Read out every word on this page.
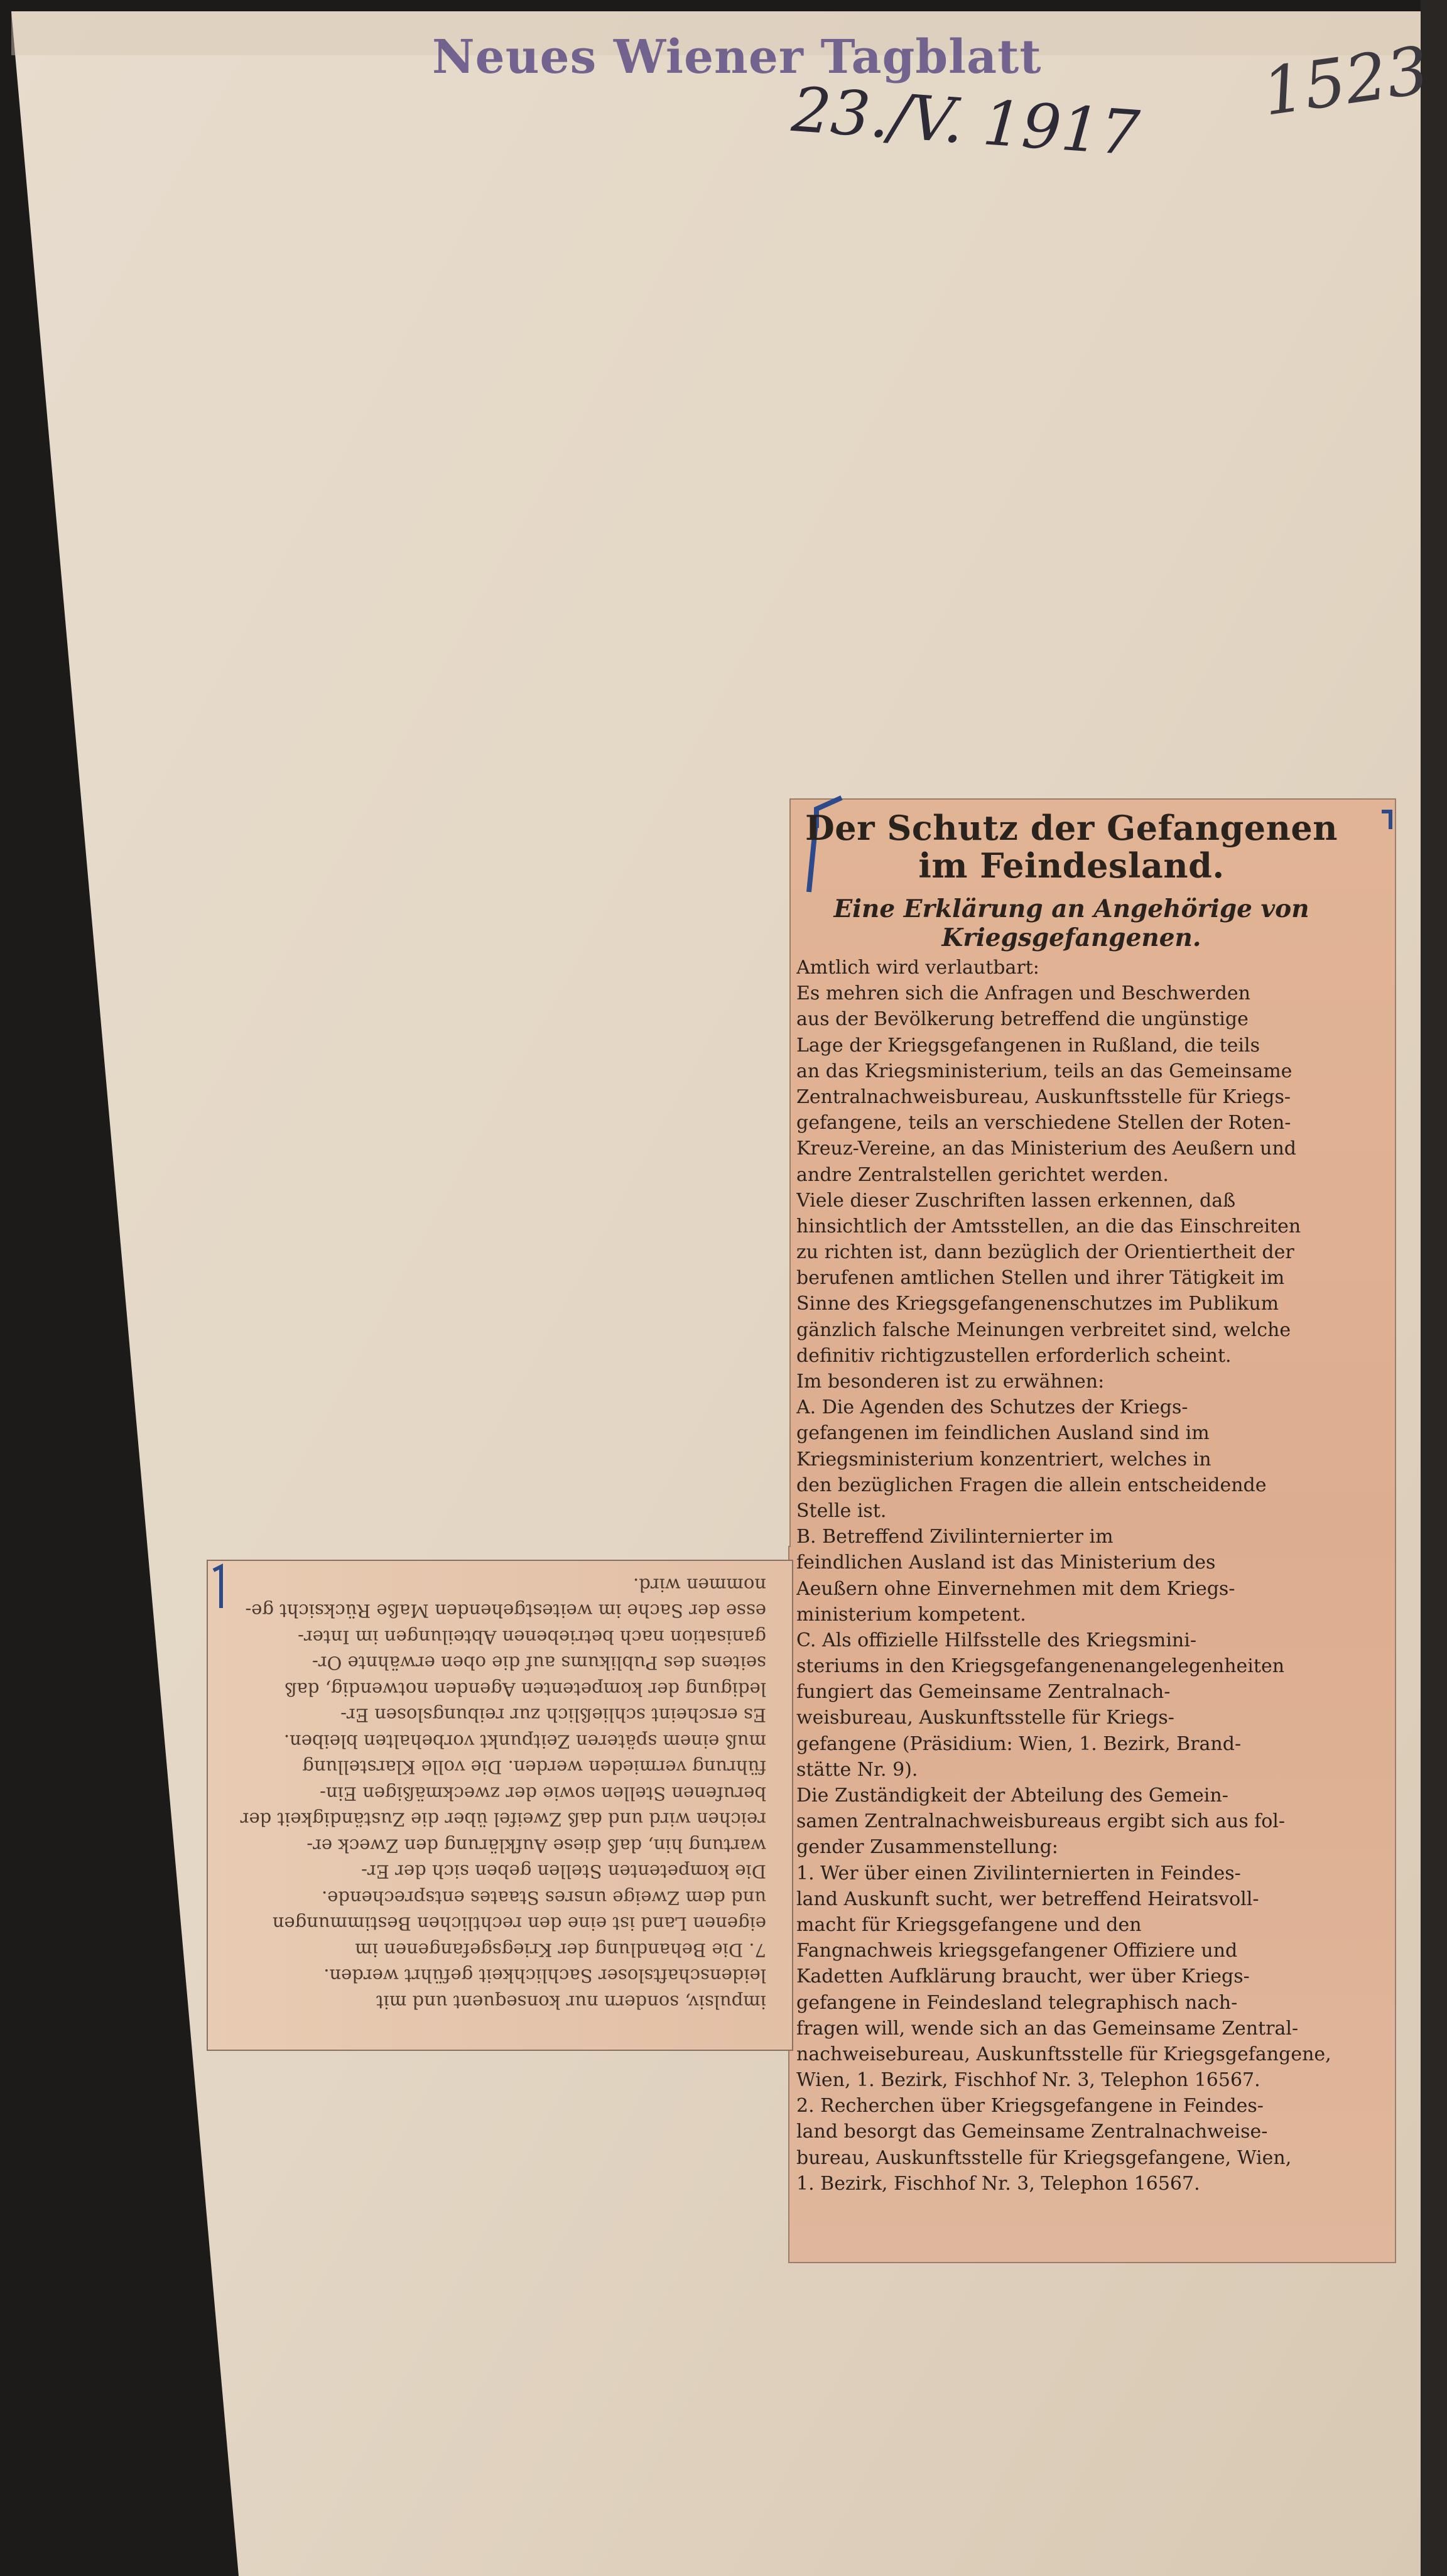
Neues Wiener Tagblatt
23./V. 1917 1523
Der Schutz der Gefangenen im Feindesland.
Eine Erklärung an Angehörige von Kriegsgefangenen.
Amtlich wird verlautbart:
Es mehren sich die Anfragen und Beschwerden
aus der Bevölkerung betreffend die ungünstige
Lage der Kriegsgefangenen in Rußland, die teils
an das Kriegsministerium, teils an das Gemeinsame
Zentralnachweisbureau, Auskunftsstelle für Kriegs-
gefangene, teils an verschiedene Stellen der Roten-
Kreuz-Vereine, an das Ministerium des Aeußern und
andre Zentralstellen gerichtet werden.
Viele dieser Zuschriften lassen erkennen, daß
hinsichtlich der Amtsstellen, an die das Einschreiten
zu richten ist, dann bezüglich der Orientiertheit der
berufenen amtlichen Stellen und ihrer Tätigkeit im
Sinne des Kriegsgefangenenschutzes im Publikum
gänzlich falsche Meinungen verbreitet sind, welche
definitiv richtigzustellen erforderlich scheint.
Im besonderen ist zu erwähnen:
A. Die Agenden des Schutzes der Kriegs-
gefangenen im feindlichen Ausland sind im
Kriegsministerium konzentriert, welches in
den bezüglichen Fragen die allein entscheidende
Stelle ist.
B. Betreffend Zivilinternierter im
feindlichen Ausland ist das Ministerium des
Aeußern ohne Einvernehmen mit dem Kriegs-
ministerium kompetent.
C. Als offizielle Hilfsstelle des Kriegsmini-
steriums in den Kriegsgefangenenangelegenheiten
fungiert das Gemeinsame Zentralnach-
weisbureau, Auskunftsstelle für Kriegs-
gefangene (Präsidium: Wien, 1. Bezirk, Brand-
stätte Nr. 9).
Die Zuständigkeit der Abteilung des Gemein-
samen Zentralnachweisbureaus ergibt sich aus fol-
gender Zusammenstellung:
1. Wer über einen Zivilinternierten in Feindes-
land Auskunft sucht, wer betreffend Heiratsvoll-
macht für Kriegsgefangene und den
Fangnachweis kriegsgefangener Offiziere und
Kadetten Aufklärung braucht, wer über Kriegs-
gefangene in Feindesland telegraphisch nach-
fragen will, wende sich an das Gemeinsame Zentral-
nachweisebureau, Auskunftsstelle für Kriegsgefangene,
Wien, 1. Bezirk, Fischhof Nr. 3, Telephon 16567.
2. Recherchen über Kriegsgefangene in Feindes-
land besorgt das Gemeinsame Zentralnachweise-
bureau, Auskunftsstelle für Kriegsgefangene, Wien,
1. Bezirk, Fischhof Nr. 3, Telephon 16567.
impulsiv, sondern nur konsequent und mit
leidenschaftsloser Sachlichkeit geführt werden.
7. Die Behandlung der Kriegsgefangenen im
eigenen Land ist eine den rechtlichen Bestimmungen
und dem Zweige unsres Staates entsprechende.
Die kompetenten Stellen geben sich der Er-
wartung hin, daß diese Aufklärung den Zweck er-
reichen wird und daß Zweifel über die Zuständigkeit der
berufenen Stellen sowie der zweckmäßigen Ein-
führung vermieden werden. Die volle Klarstellung
muß einem späteren Zeitpunkt vorbehalten bleiben.
Es erscheint schließlich zur reibungslosen Er-
ledigung der kompetenten Agenden notwendig, daß
seitens des Publikums auf die oben erwähnte Or-
ganisation nach betriebenen Abteilungen im Inter-
esse der Sache im weitestgehenden Maße Rücksicht ge-
nommen wird.
